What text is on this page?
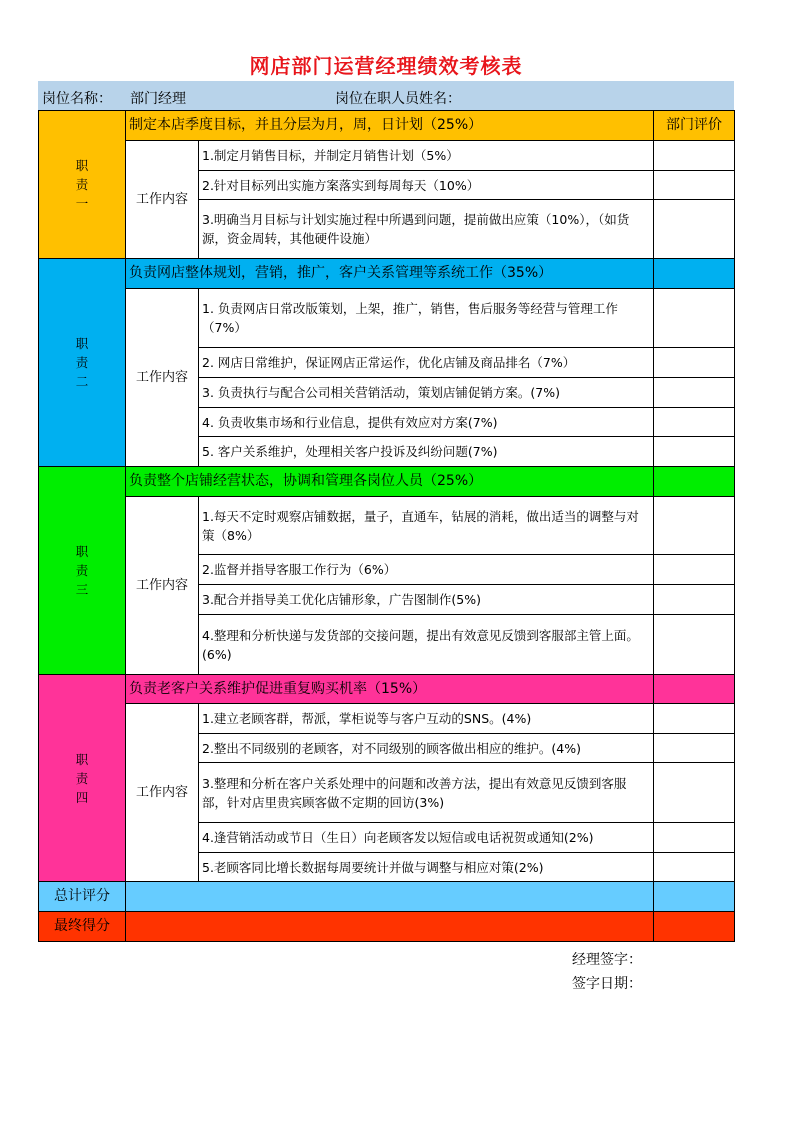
网店部门运营经理绩效考核表
岗位名称： 部门经理	岗位在职人员姓名：
职
责
一	制定本店季度目标，并且分层为月，周，日计划（25%）		部门评价
	工作内容	1.制定月销售目标，并制定月销售计划（5%）	
		2.针对目标列出实施方案落实到每周每天（10%）	
		3.明确当月目标与计划实施过程中所遇到问题，提前做出应策（10%），（如货源，资金周转，其他硬件设施）	

职
责
二	负责网店整体规划，营销，推广，客户关系管理等系统工作（35%）		
	工作内容	1. 负责网店日常改版策划，上架，推广，销售，售后服务等经营与管理工作（7%）	
		2. 网店日常维护，保证网店正常运作，优化店铺及商品排名（7%）	
		3. 负责执行与配合公司相关营销活动，策划店铺促销方案。(7%)	
		4. 负责收集市场和行业信息，提供有效应对方案(7%)	
		5. 客户关系维护，处理相关客户投诉及纠纷问题(7%)	

职
责
三	负责整个店铺经营状态，协调和管理各岗位人员（25%）		
	工作内容	1.每天不定时观察店铺数据，量子，直通车，钻展的消耗，做出适当的调整与对策（8%）	
		2.监督并指导客服工作行为（6%）	
		3.配合并指导美工优化店铺形象，广告图制作(5%)	
		4.整理和分析快递与发货部的交接问题，提出有效意见反馈到客服部主管上面。(6%)	

职
责
四	负责老客户关系维护促进重复购买机率（15%）		
	工作内容	1.建立老顾客群，帮派，掌柜说等与客户互动的SNS。(4%)	
		2.整出不同级别的老顾客，对不同级别的顾客做出相应的维护。(4%)	
		3.整理和分析在客户关系处理中的问题和改善方法，提出有效意见反馈到客服部，针对店里贵宾顾客做不定期的回访(3%)	
		4.逢营销活动或节日（生日）向老顾客发以短信或电话祝贺或通知(2%)	
		5.老顾客同比增长数据每周要统计并做与调整与相应对策(2%)	
总计评分			
最终得分			
经理签字：
签字日期：
